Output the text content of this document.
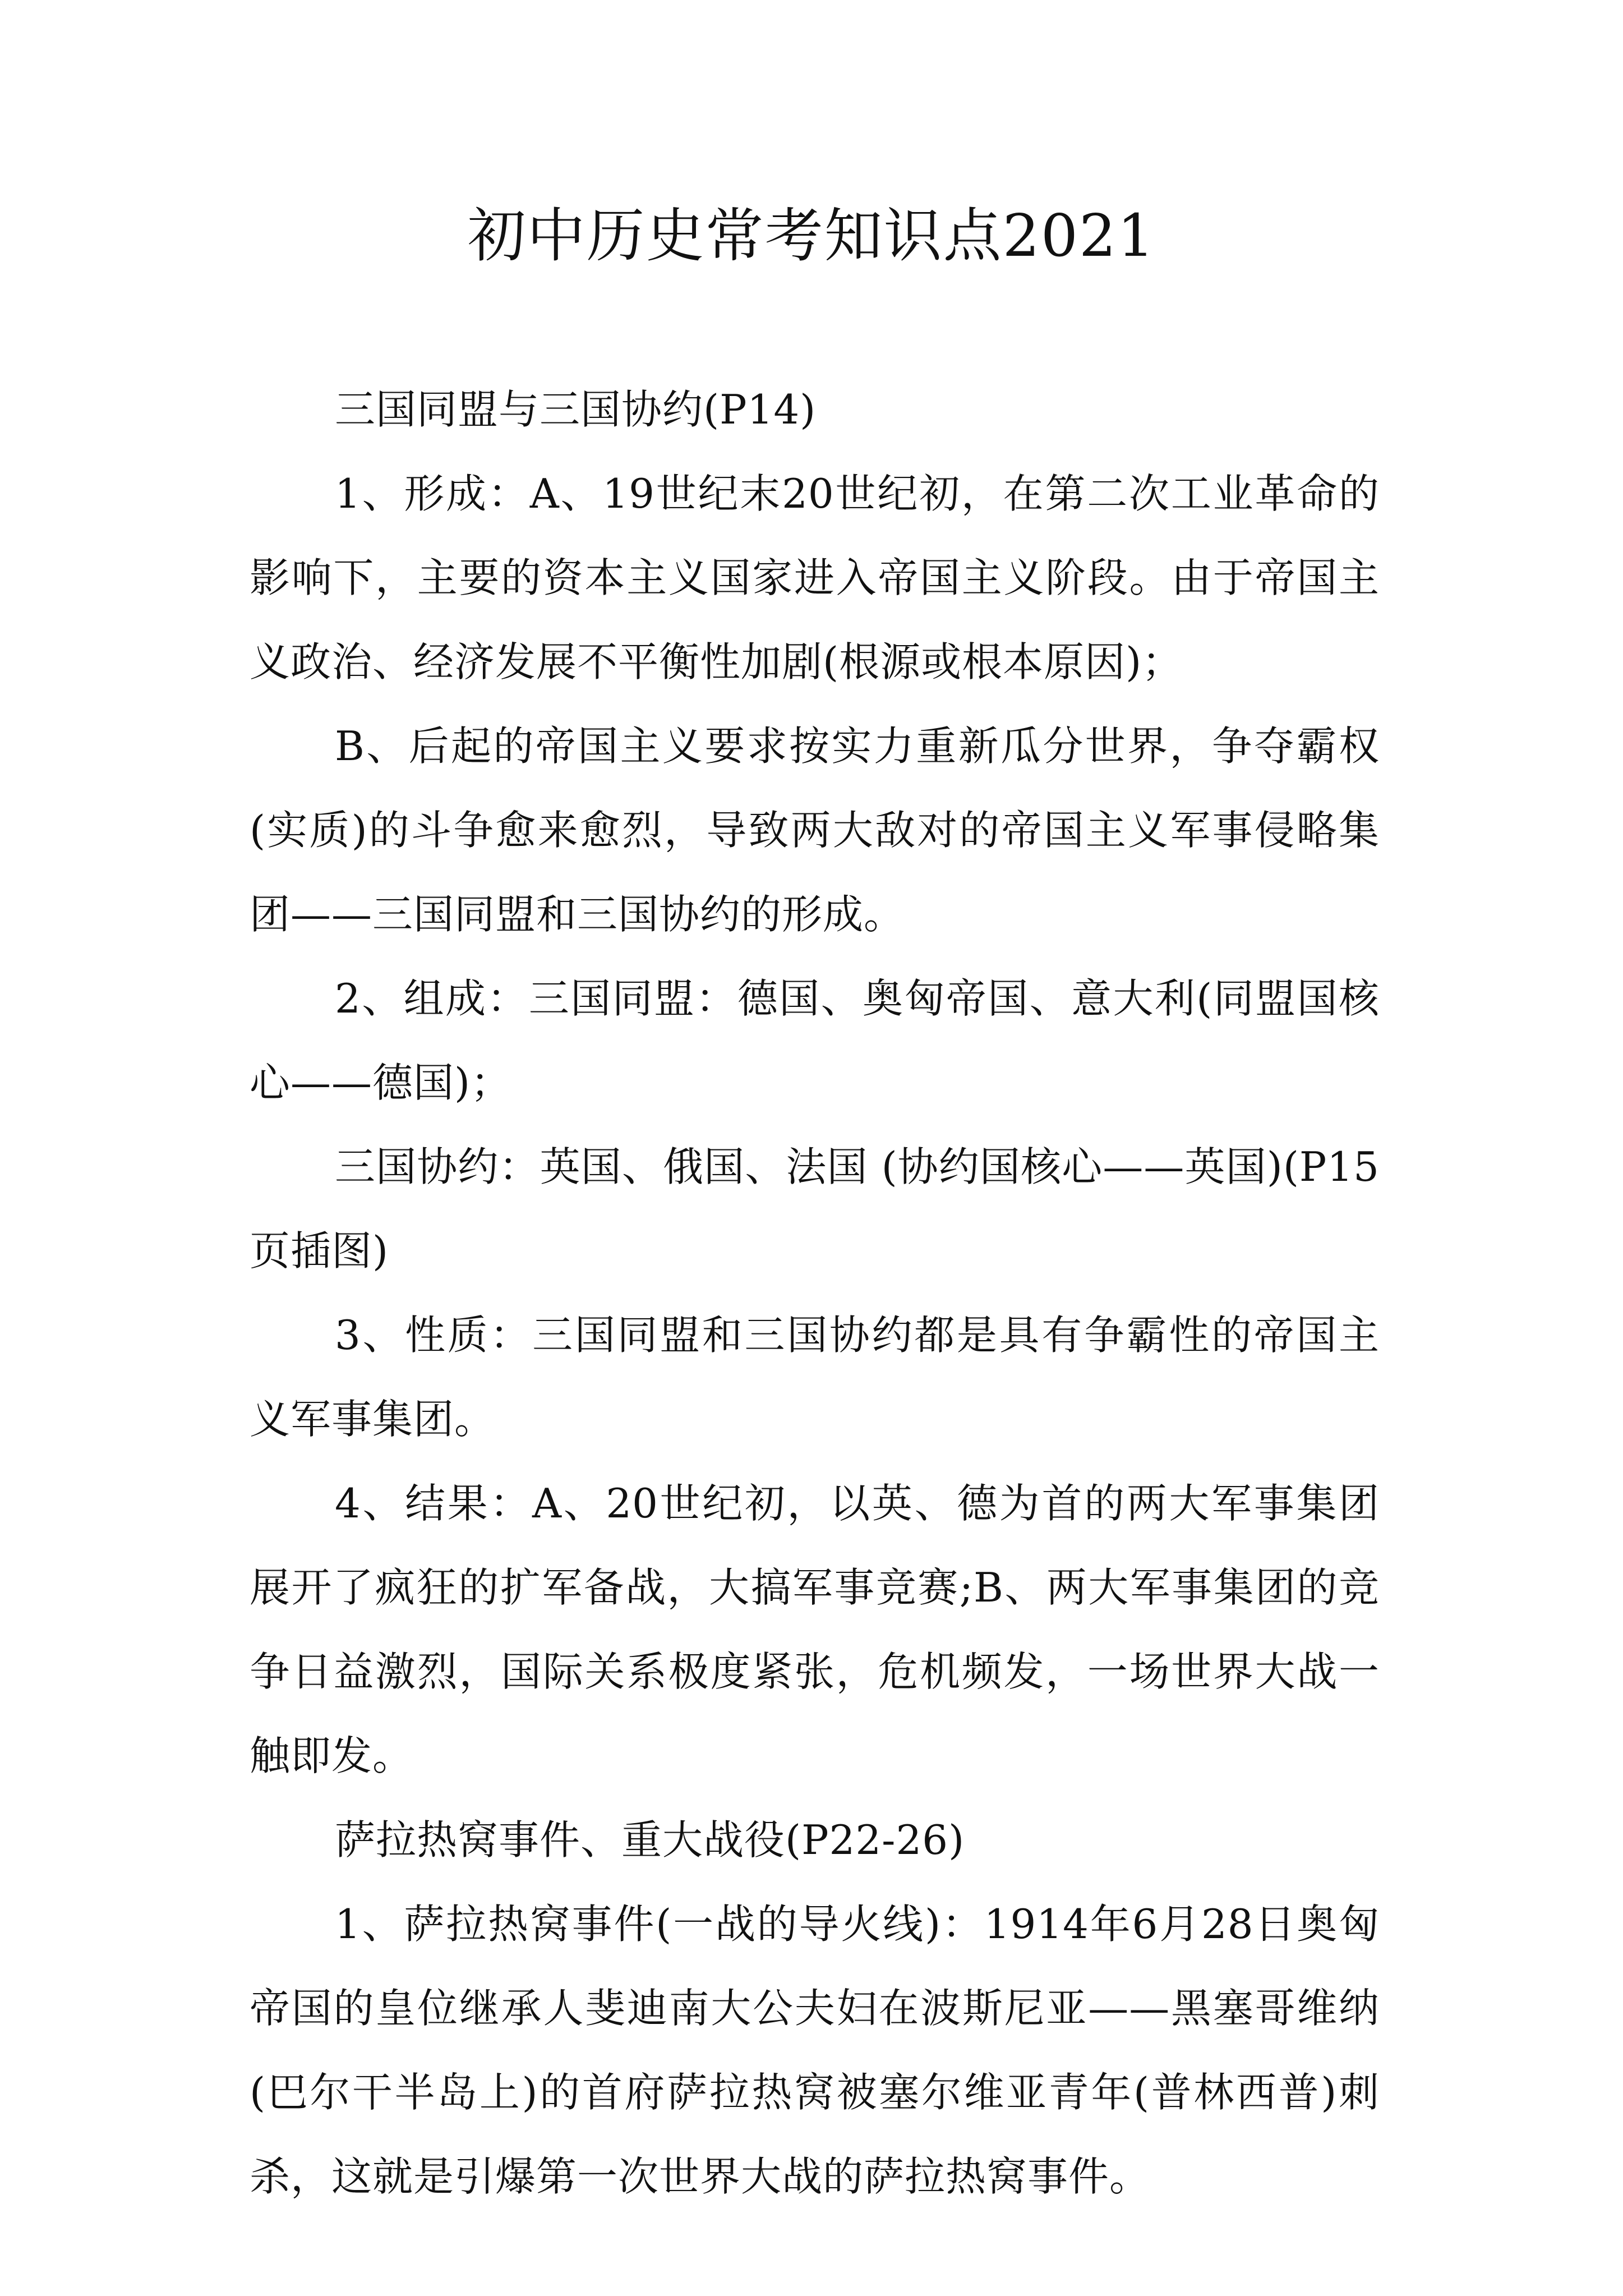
初中历史常考知识点2021

三国同盟与三国协约(P14)

1、形成：A、19世纪末20世纪初，在第二次工业革命的影响下，主要的资本主义国家进入帝国主义阶段。由于帝国主义政治、经济发展不平衡性加剧(根源或根本原因)；

B、后起的帝国主义要求按实力重新瓜分世界，争夺霸权(实质)的斗争愈来愈烈，导致两大敌对的帝国主义军事侵略集团——三国同盟和三国协约的形成。

2、组成：三国同盟：德国、奥匈帝国、意大利(同盟国核心——德国)；

三国协约：英国、俄国、法国 (协约国核心——英国)(P15页插图)

3、性质：三国同盟和三国协约都是具有争霸性的帝国主义军事集团。

4、结果：A、20世纪初，以英、德为首的两大军事集团展开了疯狂的扩军备战，大搞军事竞赛;B、两大军事集团的竞争日益激烈，国际关系极度紧张，危机频发，一场世界大战一触即发。

萨拉热窝事件、重大战役(P22-26)

1、萨拉热窝事件(一战的导火线)：1914年6月28日奥匈帝国的皇位继承人斐迪南大公夫妇在波斯尼亚——黑塞哥维纳(巴尔干半岛上)的首府萨拉热窝被塞尔维亚青年(普林西普)刺杀，这就是引爆第一次世界大战的萨拉热窝事件。
